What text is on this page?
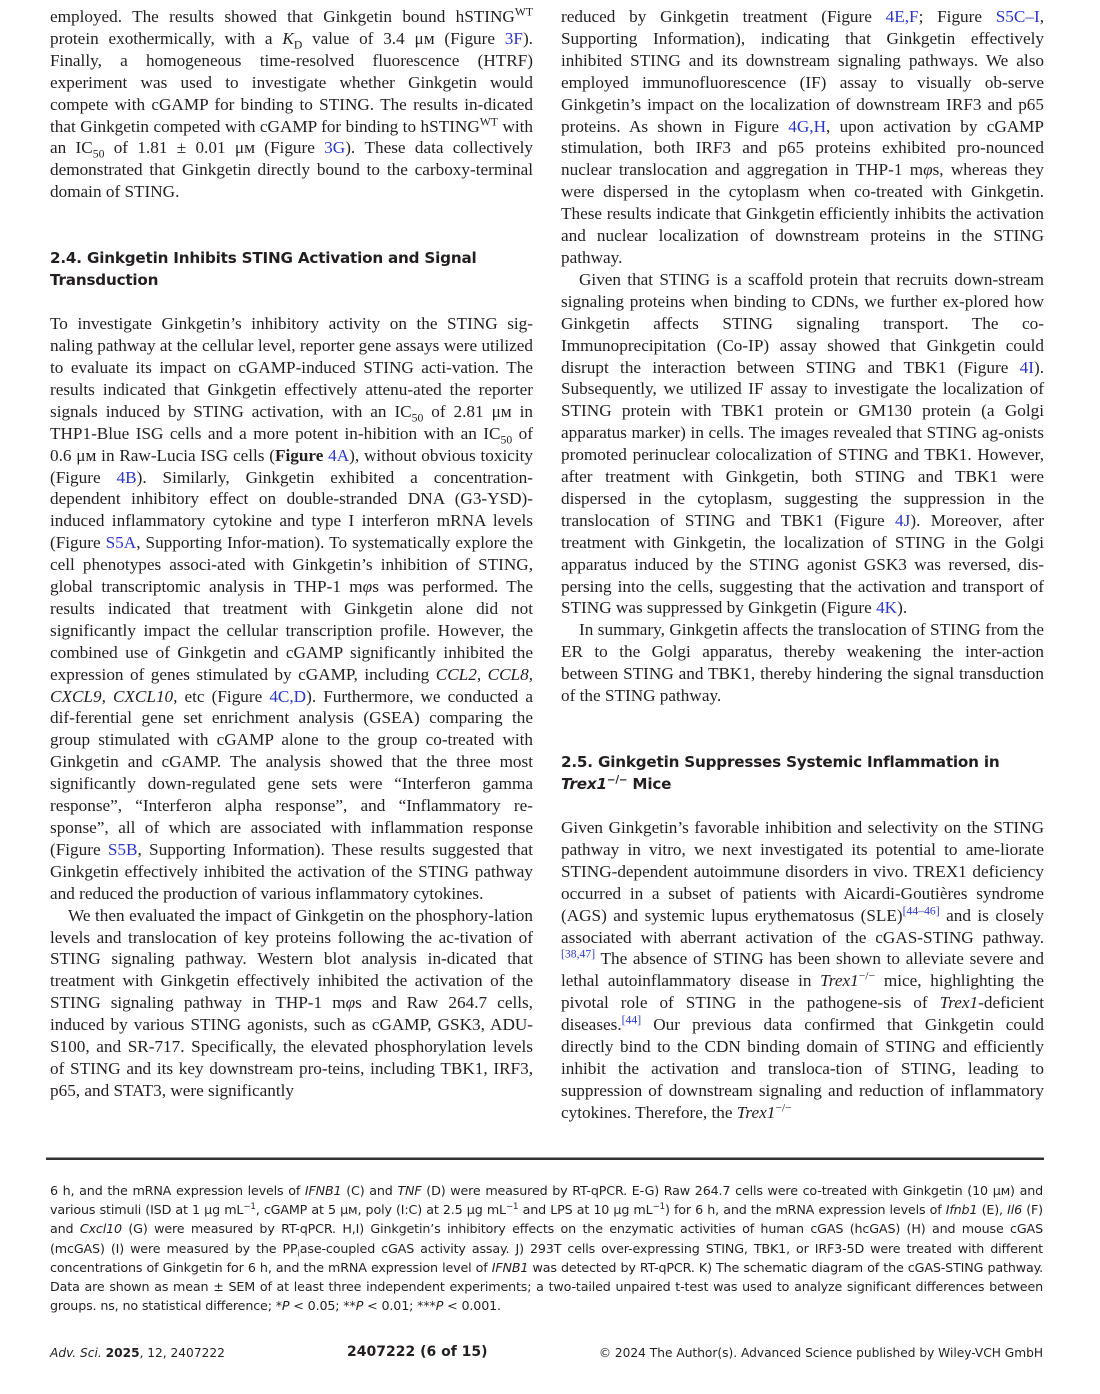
employed. The results showed that Ginkgetin bound hSTING$^{WT}$ protein exothermically, with a $K_D$ value of 3.4 μм (Figure 3F). Finally, a homogeneous time-resolved fluorescence (HTRF) experiment was used to investigate whether Ginkgetin would compete with cGAMP for binding to STING. The results in-dicated that Ginkgetin competed with cGAMP for binding to hSTING$^{WT}$ with an $IC_{50}$ of 1.81 ± 0.01 μм (Figure 3G). These data collectively demonstrated that Ginkgetin directly bound to the carboxy-terminal domain of STING.

2.4. Ginkgetin Inhibits STING Activation and Signal Transduction

To investigate Ginkgetin’s inhibitory activity on the STING sig-naling pathway at the cellular level, reporter gene assays were utilized to evaluate its impact on cGAMP-induced STING acti-vation. The results indicated that Ginkgetin effectively attenu-ated the reporter signals induced by STING activation, with an $IC_{50}$ of 2.81 μм in THP1-Blue ISG cells and a more potent in-hibition with an $IC_{50}$ of 0.6 μм in Raw-Lucia ISG cells (Figure 4A), without obvious toxicity (Figure 4B). Similarly, Ginkgetin exhibited a concentration-dependent inhibitory effect on double-stranded DNA (G3-YSD)-induced inflammatory cytokine and type I interferon mRNA levels (Figure S5A, Supporting Infor-mation). To systematically explore the cell phenotypes associ-ated with Ginkgetin’s inhibition of STING, global transcriptomic analysis in THP-1 mφs was performed. The results indicated that treatment with Ginkgetin alone did not significantly impact the cellular transcription profile. However, the combined use of Ginkgetin and cGAMP significantly inhibited the expression of genes stimulated by cGAMP, including CCL2, CCL8, CXCL9, CXCL10, etc (Figure 4C,D). Furthermore, we conducted a dif-ferential gene set enrichment analysis (GSEA) comparing the group stimulated with cGAMP alone to the group co-treated with Ginkgetin and cGAMP. The analysis showed that the three most significantly down-regulated gene sets were “Interferon gamma response”, “Interferon alpha response”, and “Inflammatory re-sponse”, all of which are associated with inflammation response (Figure S5B, Supporting Information). These results suggested that Ginkgetin effectively inhibited the activation of the STING pathway and reduced the production of various inflammatory cytokines.

We then evaluated the impact of Ginkgetin on the phosphory-lation levels and translocation of key proteins following the ac-tivation of STING signaling pathway. Western blot analysis in-dicated that treatment with Ginkgetin effectively inhibited the activation of the STING signaling pathway in THP-1 mφs and Raw 264.7 cells, induced by various STING agonists, such as cGAMP, GSK3, ADU-S100, and SR-717. Specifically, the elevated phosphorylation levels of STING and its key downstream pro-teins, including TBK1, IRF3, p65, and STAT3, were significantly

reduced by Ginkgetin treatment (Figure 4E,F; Figure S5C–I, Supporting Information), indicating that Ginkgetin effectively inhibited STING and its downstream signaling pathways. We also employed immunofluorescence (IF) assay to visually ob-serve Ginkgetin’s impact on the localization of downstream IRF3 and p65 proteins. As shown in Figure 4G,H, upon activation by cGAMP stimulation, both IRF3 and p65 proteins exhibited pro-nounced nuclear translocation and aggregation in THP-1 mφs, whereas they were dispersed in the cytoplasm when co-treated with Ginkgetin. These results indicate that Ginkgetin efficiently inhibits the activation and nuclear localization of downstream proteins in the STING pathway.

Given that STING is a scaffold protein that recruits down-stream signaling proteins when binding to CDNs, we further ex-plored how Ginkgetin affects STING signaling transport. The co-Immunoprecipitation (Co-IP) assay showed that Ginkgetin could disrupt the interaction between STING and TBK1 (Figure 4I). Subsequently, we utilized IF assay to investigate the localization of STING protein with TBK1 protein or GM130 protein (a Golgi apparatus marker) in cells. The images revealed that STING ag-onists promoted perinuclear colocalization of STING and TBK1. However, after treatment with Ginkgetin, both STING and TBK1 were dispersed in the cytoplasm, suggesting the suppression in the translocation of STING and TBK1 (Figure 4J). Moreover, after treatment with Ginkgetin, the localization of STING in the Golgi apparatus induced by the STING agonist GSK3 was reversed, dis-persing into the cells, suggesting that the activation and transport of STING was suppressed by Ginkgetin (Figure 4K).

In summary, Ginkgetin affects the translocation of STING from the ER to the Golgi apparatus, thereby weakening the inter-action between STING and TBK1, thereby hindering the signal transduction of the STING pathway.

2.5. Ginkgetin Suppresses Systemic Inflammation in Trex1−/− Mice

Given Ginkgetin’s favorable inhibition and selectivity on the STING pathway in vitro, we next investigated its potential to ame-liorate STING-dependent autoimmune disorders in vivo. TREX1 deficiency occurred in a subset of patients with Aicardi-Goutières syndrome (AGS) and systemic lupus erythematosus (SLE)[44–46] and is closely associated with aberrant activation of the cGAS-STING pathway.[38,47] The absence of STING has been shown to alleviate severe and lethal autoinflammatory disease in Trex1−/− mice, highlighting the pivotal role of STING in the pathogene-sis of Trex1-deficient diseases.[44] Our previous data confirmed that Ginkgetin could directly bind to the CDN binding domain of STING and efficiently inhibit the activation and transloca-tion of STING, leading to suppression of downstream signaling and reduction of inflammatory cytokines. Therefore, the Trex1−/−

6 h, and the mRNA expression levels of IFNB1 (C) and TNF (D) were measured by RT-qPCR. E-G) Raw 264.7 cells were co-treated with Ginkgetin (10 μм) and various stimuli (ISD at 1 μg $mL^{-1}$, cGAMP at 5 μм, poly (I:C) at 2.5 μg $mL^{-1}$ and LPS at 10 μg $mL^{-1}$) for 6 h, and the mRNA expression levels of Ifnb1 (E), Il6 (F) and Cxcl10 (G) were measured by RT-qPCR. H,I) Ginkgetin’s inhibitory effects on the enzymatic activities of human cGAS (hcGAS) (H) and mouse cGAS (mcGAS) (I) were measured by the $PP_iase$-coupled cGAS activity assay. J) 293T cells over-expressing STING, TBK1, or IRF3-5D were treated with different concentrations of Ginkgetin for 6 h, and the mRNA expression level of IFNB1 was detected by RT-qPCR. K) The schematic diagram of the cGAS-STING pathway. Data are shown as mean ± SEM of at least three independent experiments; a two-tailed unpaired t-test was used to analyze significant differences between groups. ns, no statistical difference; *P < 0.05; **P < 0.01; ***P < 0.001.

Adv. Sci. 2025, 12, 2407222	2407222 (6 of 15)	© 2024 The Author(s). Advanced Science published by Wiley-VCH GmbH
